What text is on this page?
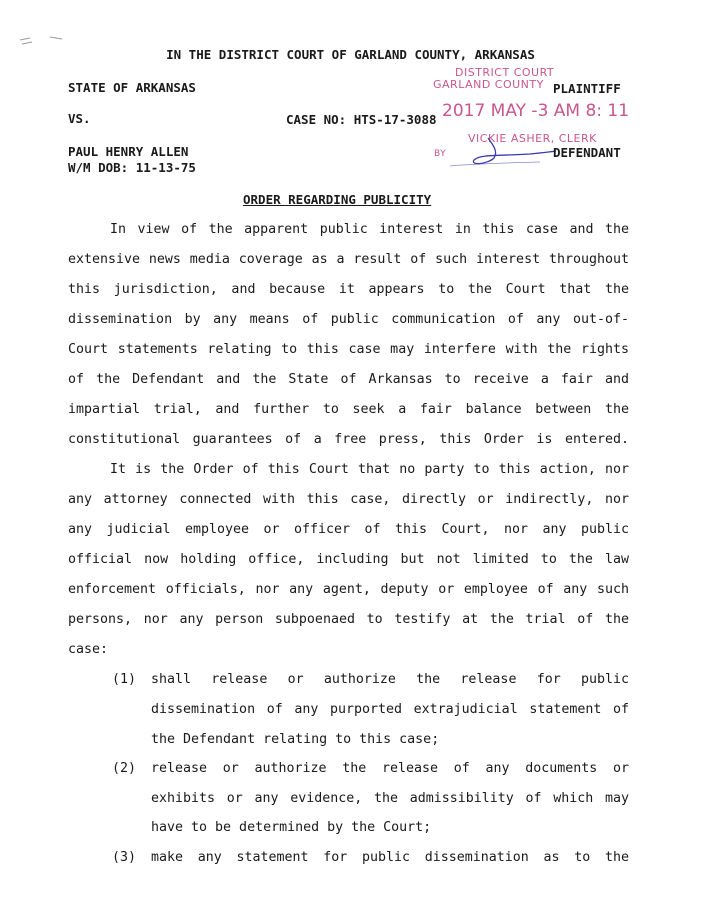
IN THE DISTRICT COURT OF GARLAND COUNTY, ARKANSAS
DISTRICT COURT
GARLAND COUNTY
2017 MAY -3 AM 8: 11
VICKIE ASHER, CLERK
BY
STATE OF ARKANSAS	PLAINTIFF
VS.	CASE NO: HTS-17-3088
PAUL HENRY ALLEN
W/M DOB: 11-13-75
DEFENDANT
ORDER REGARDING PUBLICITY
In view of the apparent public interest in this case and the
extensive news media coverage as a result of such interest throughout
this jurisdiction, and because it appears to the Court that the
dissemination by any means of public communication of any out-of-
Court statements relating to this case may interfere with the rights
of the Defendant and the State of Arkansas to receive a fair and
impartial trial, and further to seek a fair balance between the
constitutional guarantees of a free press, this Order is entered.
It is the Order of this Court that no party to this action, nor
any attorney connected with this case, directly or indirectly, nor
any judicial employee or officer of this Court, nor any public
official now holding office, including but not limited to the law
enforcement officials, nor any agent, deputy or employee of any such
persons, nor any person subpoenaed to testify at the trial of the
case:
(1) shall release or authorize the release for public
dissemination of any purported extrajudicial statement of
the Defendant relating to this case;
(2) release or authorize the release of any documents or
exhibits or any evidence, the admissibility of which may
have to be determined by the Court;
(3) make any statement for public dissemination as to the
